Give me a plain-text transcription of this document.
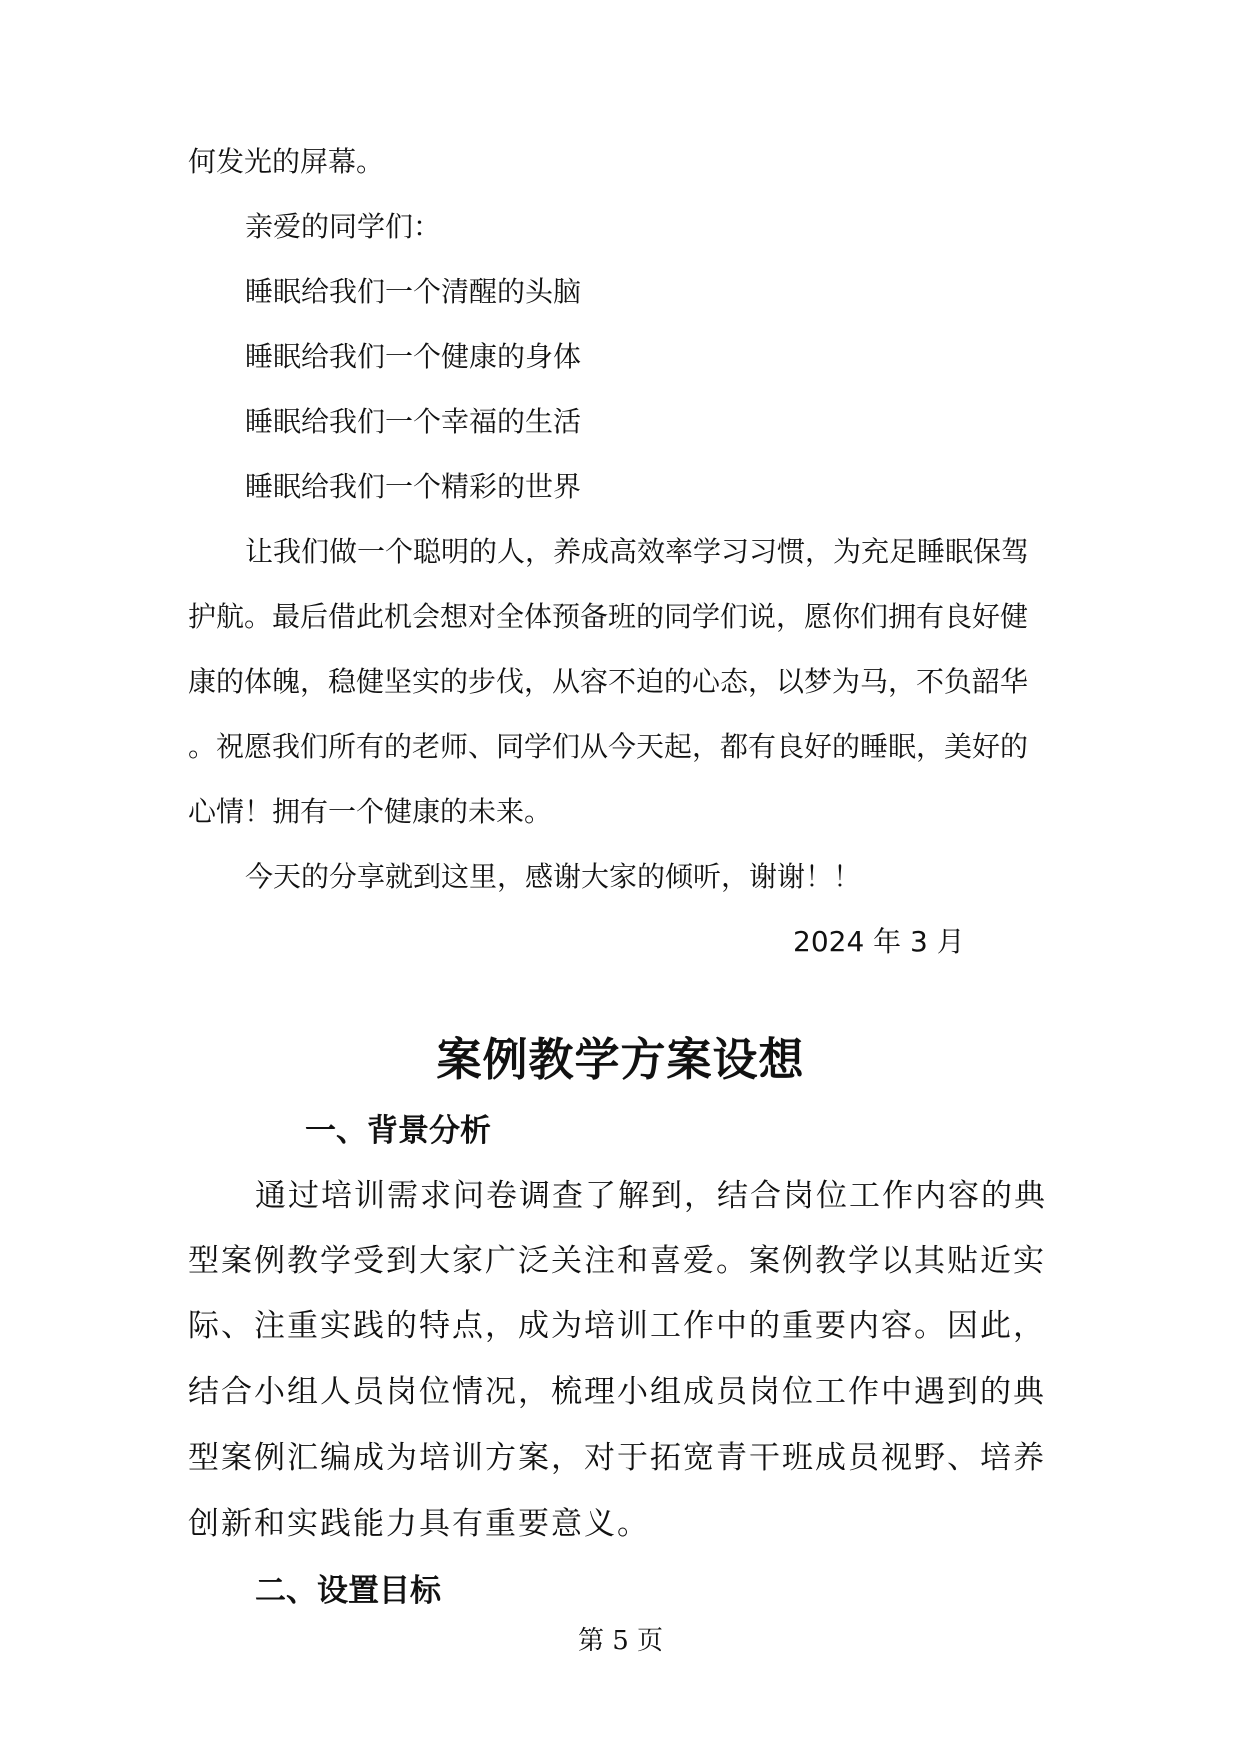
何发光的屏幕。
亲爱的同学们：
睡眠给我们一个清醒的头脑
睡眠给我们一个健康的身体
睡眠给我们一个幸福的生活
睡眠给我们一个精彩的世界
让我们做一个聪明的人，养成高效率学习习惯，为充足睡眠保驾
护航。最后借此机会想对全体预备班的同学们说，愿你们拥有良好健
康的体魄，稳健坚实的步伐，从容不迫的心态，以梦为马，不负韶华
。祝愿我们所有的老师、同学们从今天起，都有良好的睡眠，美好的
心情！拥有一个健康的未来。
今天的分享就到这里，感谢大家的倾听，谢谢！！
2024 年 3 月
案例教学方案设想
一、背景分析
通过培训需求问卷调查了解到，结合岗位工作内容的典
型案例教学受到大家广泛关注和喜爱。案例教学以其贴近实
际、注重实践的特点，成为培训工作中的重要内容。因此，
结合小组人员岗位情况，梳理小组成员岗位工作中遇到的典
型案例汇编成为培训方案，对于拓宽青干班成员视野、培养
创新和实践能力具有重要意义。
二、设置目标
第 5 页
